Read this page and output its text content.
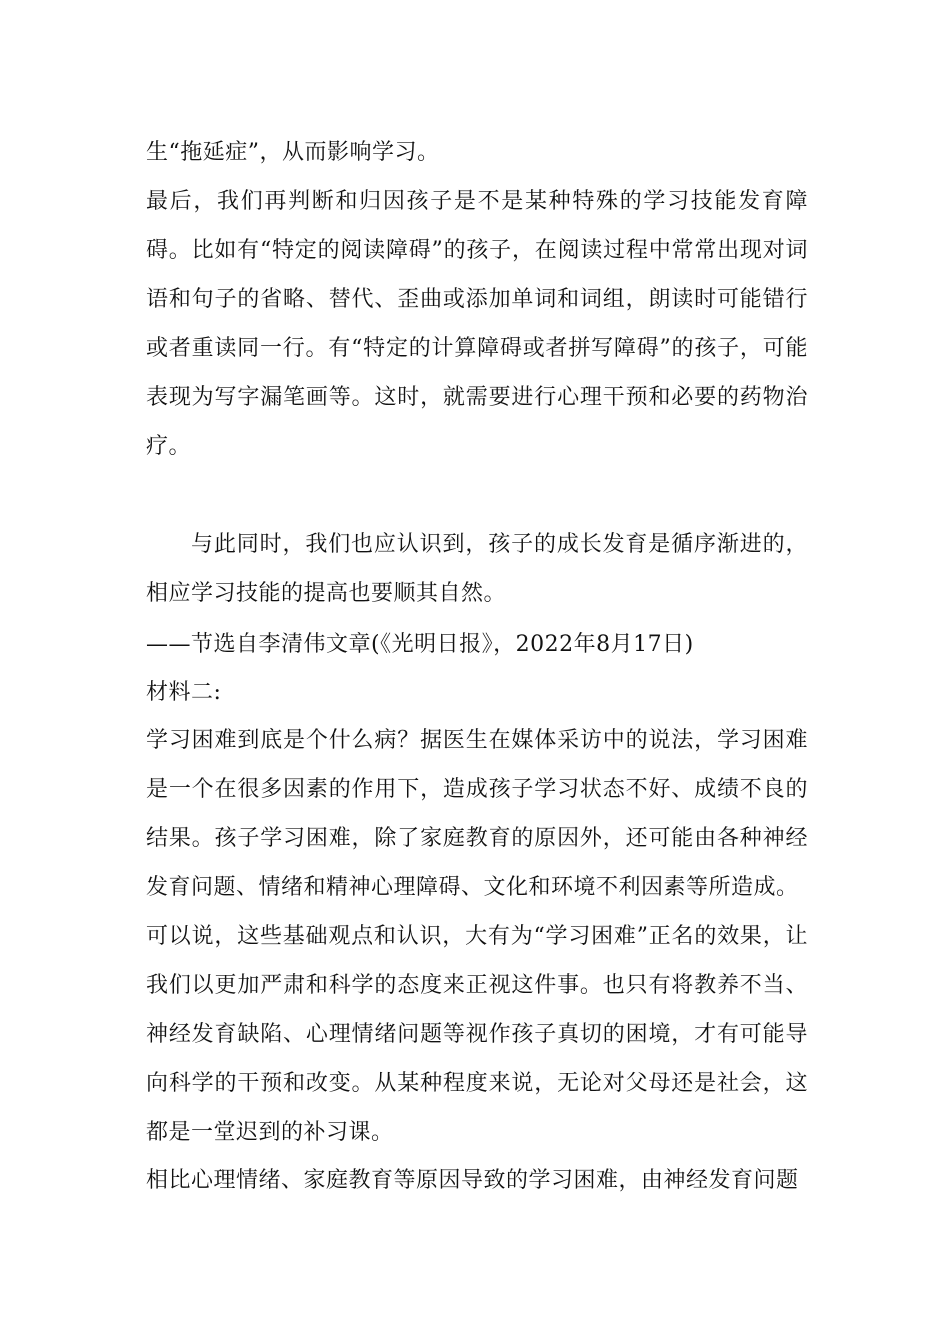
生“拖延症”，从而影响学习。

最后，我们再判断和归因孩子是不是某种特殊的学习技能发育障碍。比如有“特定的阅读障碍”的孩子，在阅读过程中常常出现对词语和句子的省略、替代、歪曲或添加单词和词组，朗读时可能错行或者重读同一行。有“特定的计算障碍或者拼写障碍”的孩子，可能表现为写字漏笔画等。这时，就需要进行心理干预和必要的药物治疗。

与此同时，我们也应认识到，孩子的成长发育是循序渐进的，相应学习技能的提高也要顺其自然。

——节选自李清伟文章(《光明日报》，2022年8月17日)

材料二:

学习困难到底是个什么病？据医生在媒体采访中的说法，学习困难是一个在很多因素的作用下，造成孩子学习状态不好、成绩不良的结果。孩子学习困难，除了家庭教育的原因外，还可能由各种神经发育问题、情绪和精神心理障碍、文化和环境不利因素等所造成。

可以说，这些基础观点和认识，大有为“学习困难”正名的效果，让我们以更加严肃和科学的态度来正视这件事。也只有将教养不当、神经发育缺陷、心理情绪问题等视作孩子真切的困境，才有可能导向科学的干预和改变。从某种程度来说，无论对父母还是社会，这都是一堂迟到的补习课。

相比心理情绪、家庭教育等原因导致的学习困难，由神经发育问题
